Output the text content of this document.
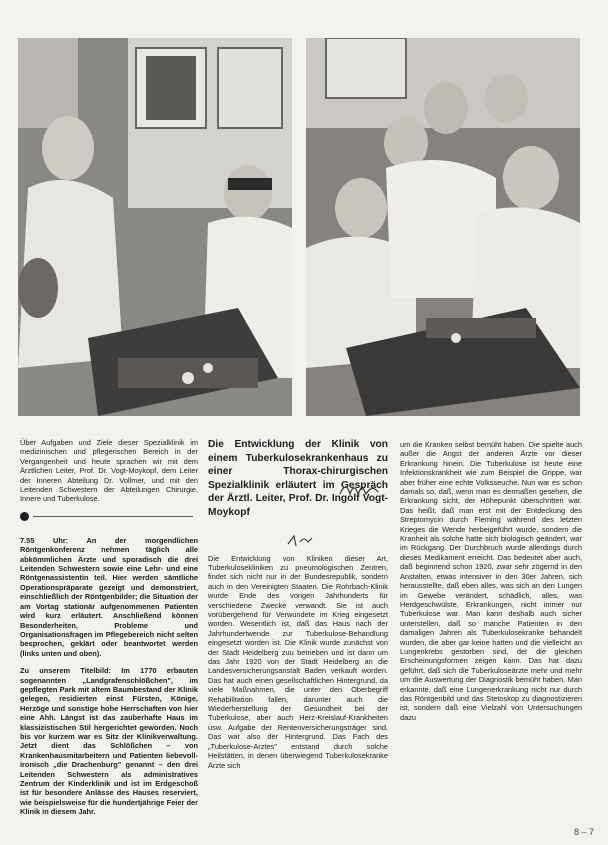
Über Aufgaben und Ziele dieser Spezialklinik im medizinischen und pflegerischen Bereich in der Vergangenheit und heute sprachen wir mit dem Ärztlichen Leiter, Prof. Dr. Vogt-Moykopf, dem Leiter der Inneren Abteilung Dr. Vollmer, und mit den Leitenden Schwestern der Abteilungen Chirurgie, Innere und Tuberkulose.

7.55 Uhr: An der morgendlichen Röntgenkonferenz nehmen täglich alle abkömmlichen Ärzte und sporadisch die drei Leitenden Schwestern sowie eine Lehr- und eine Röntgenassistentin teil. Hier werden sämtliche Operationspräparate gezeigt und demonstriert, einschließlich der Röntgenbilder; die Situation der am Vortag stationär aufgenommenen Patienten wird kurz erläutert. Anschließend können Besonderheiten, Probleme und Organisationsfragen im Pflegebereich nicht selten besprochen, geklärt oder beantwortet werden (links unten und oben).

Zu unserem Titelbild: Im 1770 erbauten sogenannten „Landgrafenschlößchen", im gepflegten Park mit altem Baumbestand der Klinik gelegen, residierten einst Fürsten, Könige, Herzöge und sonstige hohe Herrschaften von hier eine Ahh. Längst ist das zauberhafte Haus im klassizistischen Stil hergerichtet geworden. Noch bis vor kurzem war es Sitz der Klinikverwaltung. Jetzt dient das Schlößchen – von Krankenhausmitarbeitern und Patienten liebevoll-ironisch „die Drachenburg" genannt – den drei Leitenden Schwestern als administratives Zentrum der Kinderklinik und ist im Erdgeschoß ist für besondere Anlässe des Hauses reserviert, wie beispielsweise für die hundertjährige Feier der Klinik in diesem Jahr.

Die Entwicklung der Klinik von einem Tuberkulosekrankenhaus zu einer Thorax-chirurgischen Spezialklinik erläutert im Gespräch der Ärztl. Leiter, Prof. Dr. Ingolf Vogt-Moykopf

Die Entwicklung von Kliniken dieser Art, Tuberkulosekliniken zu pneumologischen Zentren, findet sich nicht nur in der Bundesrepublik, sondern auch in den Vereinigten Staaten. Die Rohrbach-Klinik wurde Ende des vorigen Jahrhunderts für verschiedene Zwecke verwandt. Sie ist auch vorübergehend für Verwundete im Krieg eingesetzt worden. Wesentlich ist, daß das Haus nach der Jahrhundertwende zur Tuberkulose-Behandlung eingesetzt worden ist. Die Klinik wurde zunächst von der Stadt Heidelberg zuu betrieben und ist dann um das Jahr 1920 von der Stadt Heidelberg an die Landesversicherungsanstalt Baden verkauft worden. Das hat auch einen gesellschaftlichen Hintergrund, da viele Maßnahmen, die unter den Oberbegriff Rehabilitation fallen, darunter auch die Wiederherstellung der Gesundheit bei der Tuberkulose, aber auch Herz-Kreislauf-Krankheiten usw. Aufgabe der Rentenversicherungsträger sind. Das war also der Hintergrund. Das Fach des „Tuberkulose-Arztes" entstand durch solche Heilstätten, in denen überwiegend Tuberkulosekranke Ärzte sich

um die Kranken selbst bemüht haben. Die spielte auch außer die Angst der anderen Ärzte vor dieser Erkrankung hinein. Die Tuberkulose ist heute eine Infektionskrankheit wie zum Beispiel die Grippe, war aber früher eine echte Volksseuche. Nun war es schon damals so, daß, wenn man es dermaßen gesehen, die Erkrankung sicht, der Höhepunkt überschritten war. Das heißt, daß man erst mit der Entdeckung des Streptomycin durch Fleming während des letzten Krieges die Wende herbeigeführt wurde, sondern die Kranheit als solche hatte sich biologisch geändert, war im Rückgang. Der Durchbruch wurde allerdings durch dieses Medikament erreicht. Das bedeutet aber auch, daß beginnend schon 1920, zwar sehr zögernd in den Anstalten, etwas intensiver in den 30er Jahren, sich herausstellte, daß eben alles, was sich an den Lungen im Gewebe verändert, schädlich, alles, was Herdgeschwülste, Erkrankungen, nicht immer nur Tuberkulose war. Man kann deshalb auch sicher unterstellen, daß so manche Patienten in den damaligen Jahren als Tuberkulosekranke behandelt wurden, die aber gar keine hatten und die vielleicht an Lungenkrebs gestorben sind, der die gleichen Erscheinungsformen zeigen kann. Das hat dazu geführt, daß sich die Tuberkuloseärzte mehr und mehr um die Auswertung der Diagnostik bemüht haben. Man erkannte, daß eine Lungenerkrankung nicht nur durch das Röntgenbild und das Stetoskop zu diagnostizieren ist, sondern daß eine Vielzahl von Untersuchungen dazu

8 – 7
